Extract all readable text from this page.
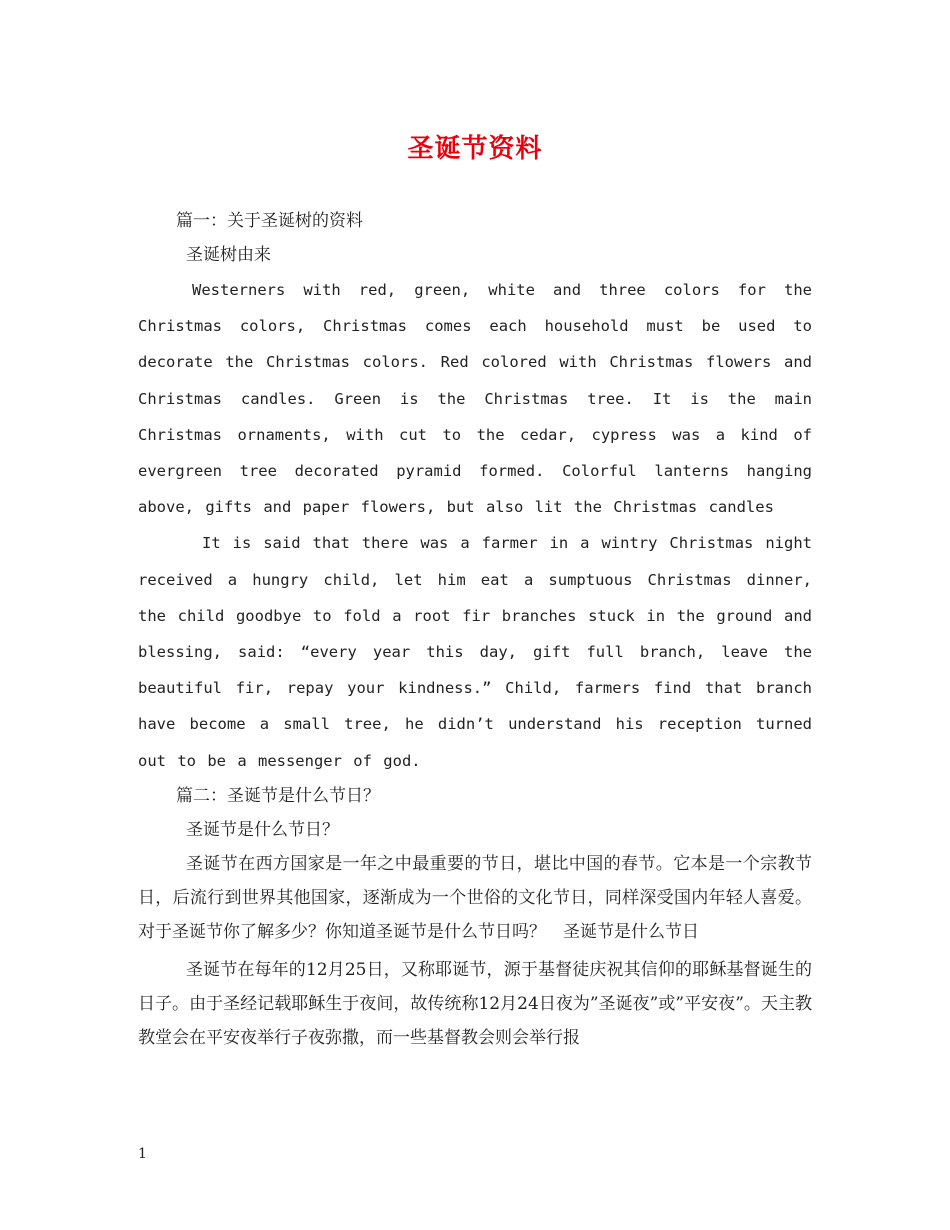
圣诞节资料
篇一：关于圣诞树的资料
圣诞树由来

Westerners with red, green, white and three colors for the Christmas colors, Christmas comes each household must be used to decorate the Christmas colors. Red colored with Christmas flowers and Christmas candles. Green is the Christmas tree. It is the main Christmas ornaments, with cut to the cedar, cypress was a kind of evergreen tree decorated pyramid formed. Colorful lanterns hanging above, gifts and paper flowers, but also lit the Christmas candles

It is said that there was a farmer in a wintry Christmas night received a hungry child, let him eat a sumptuous Christmas dinner, the child goodbye to fold a root fir branches stuck in the ground and blessing, said: “every year this day, gift full branch, leave the beautiful fir, repay your kindness.” Child, farmers find that branch have become a small tree, he didn’t understand his reception turned out to be a messenger of god.

篇二：圣诞节是什么节日？
圣诞节是什么节日？

圣诞节在西方国家是一年之中最重要的节日，堪比中国的春节。它本是一个宗教节日，后流行到世界其他国家，逐渐成为一个世俗的文化节日，同样深受国内年轻人喜爱。对于圣诞节你了解多少？你知道圣诞节是什么节日吗？　圣诞节是什么节日

圣诞节在每年的12月25日，又称耶诞节，源于基督徒庆祝其信仰的耶稣基督诞生的日子。由于圣经记载耶稣生于夜间，故传统称12月24日夜为”圣诞夜”或”平安夜”。天主教教堂会在平安夜举行子夜弥撒，而一些基督教会则会举行报

1
